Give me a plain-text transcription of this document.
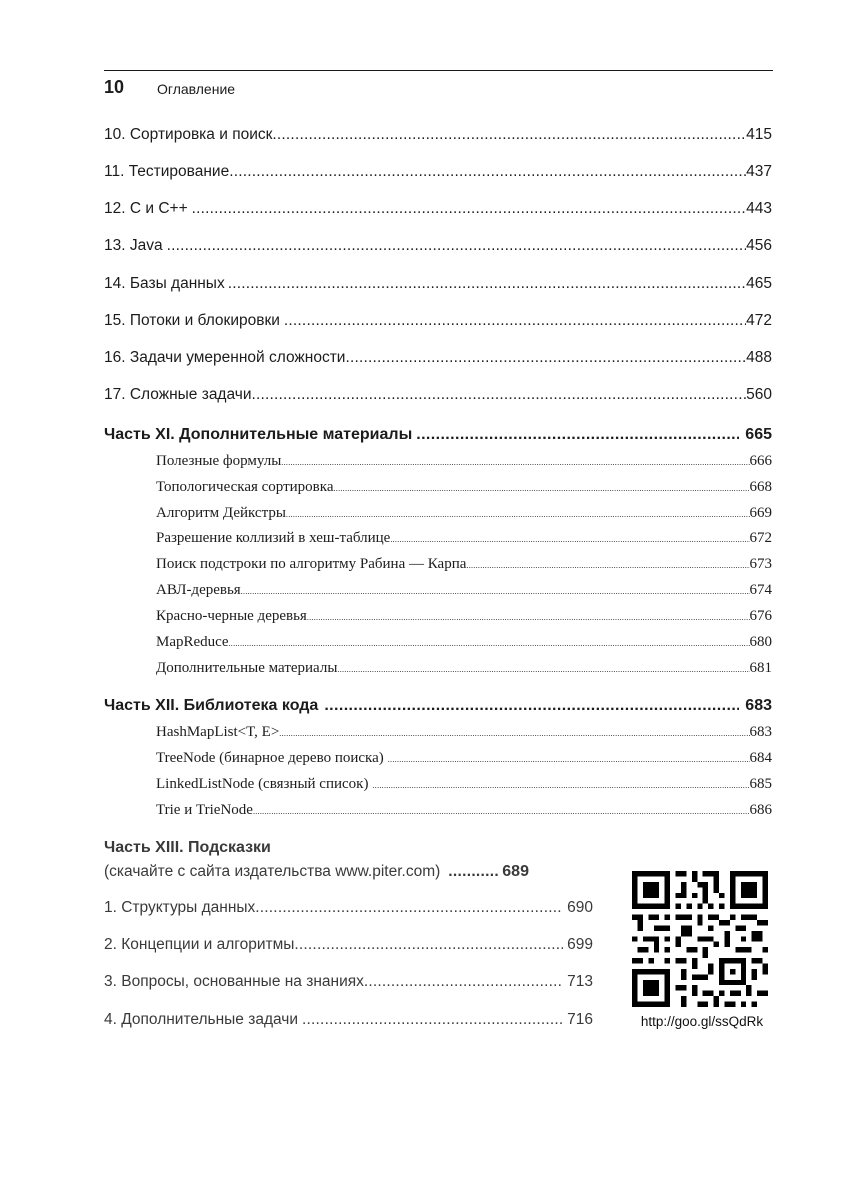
10 Оглавление
10. Сортировка и поиск .....	415
11. Тестирование .....	437
12. С и С++ .....	443
13. Java .....	456
14. Базы данных .....	465
15. Потоки и блокировки .....	472
16. Задачи умеренной сложности .....	488
17. Сложные задачи .....	560
Часть XI. Дополнительные материалы .....	665
Полезные формулы .....	666
Топологическая сортировка .....	668
Алгоритм Дейкстры .....	669
Разрешение коллизий в хеш-таблице .....	672
Поиск подстроки по алгоритму Рабина — Карпа .....	673
АВЛ-деревья .....	674
Красно-черные деревья .....	676
MapReduce .....	680
Дополнительные материалы .....	681
Часть XII. Библиотека кода .....	683
HashMapList<T, E> .....	683
TreeNode (бинарное дерево поиска) .....	684
LinkedListNode (связный список) .....	685
Trie и TrieNode .....	686
Часть XIII. Подсказки
(скачайте с сайта издательства www.piter.com) .....	689
1. Структуры данных .....	690
2. Концепции и алгоритмы .....	699
3. Вопросы, основанные на знаниях .....	713
4. Дополнительные задачи .....	716	http://goo.gl/ssQdRk
